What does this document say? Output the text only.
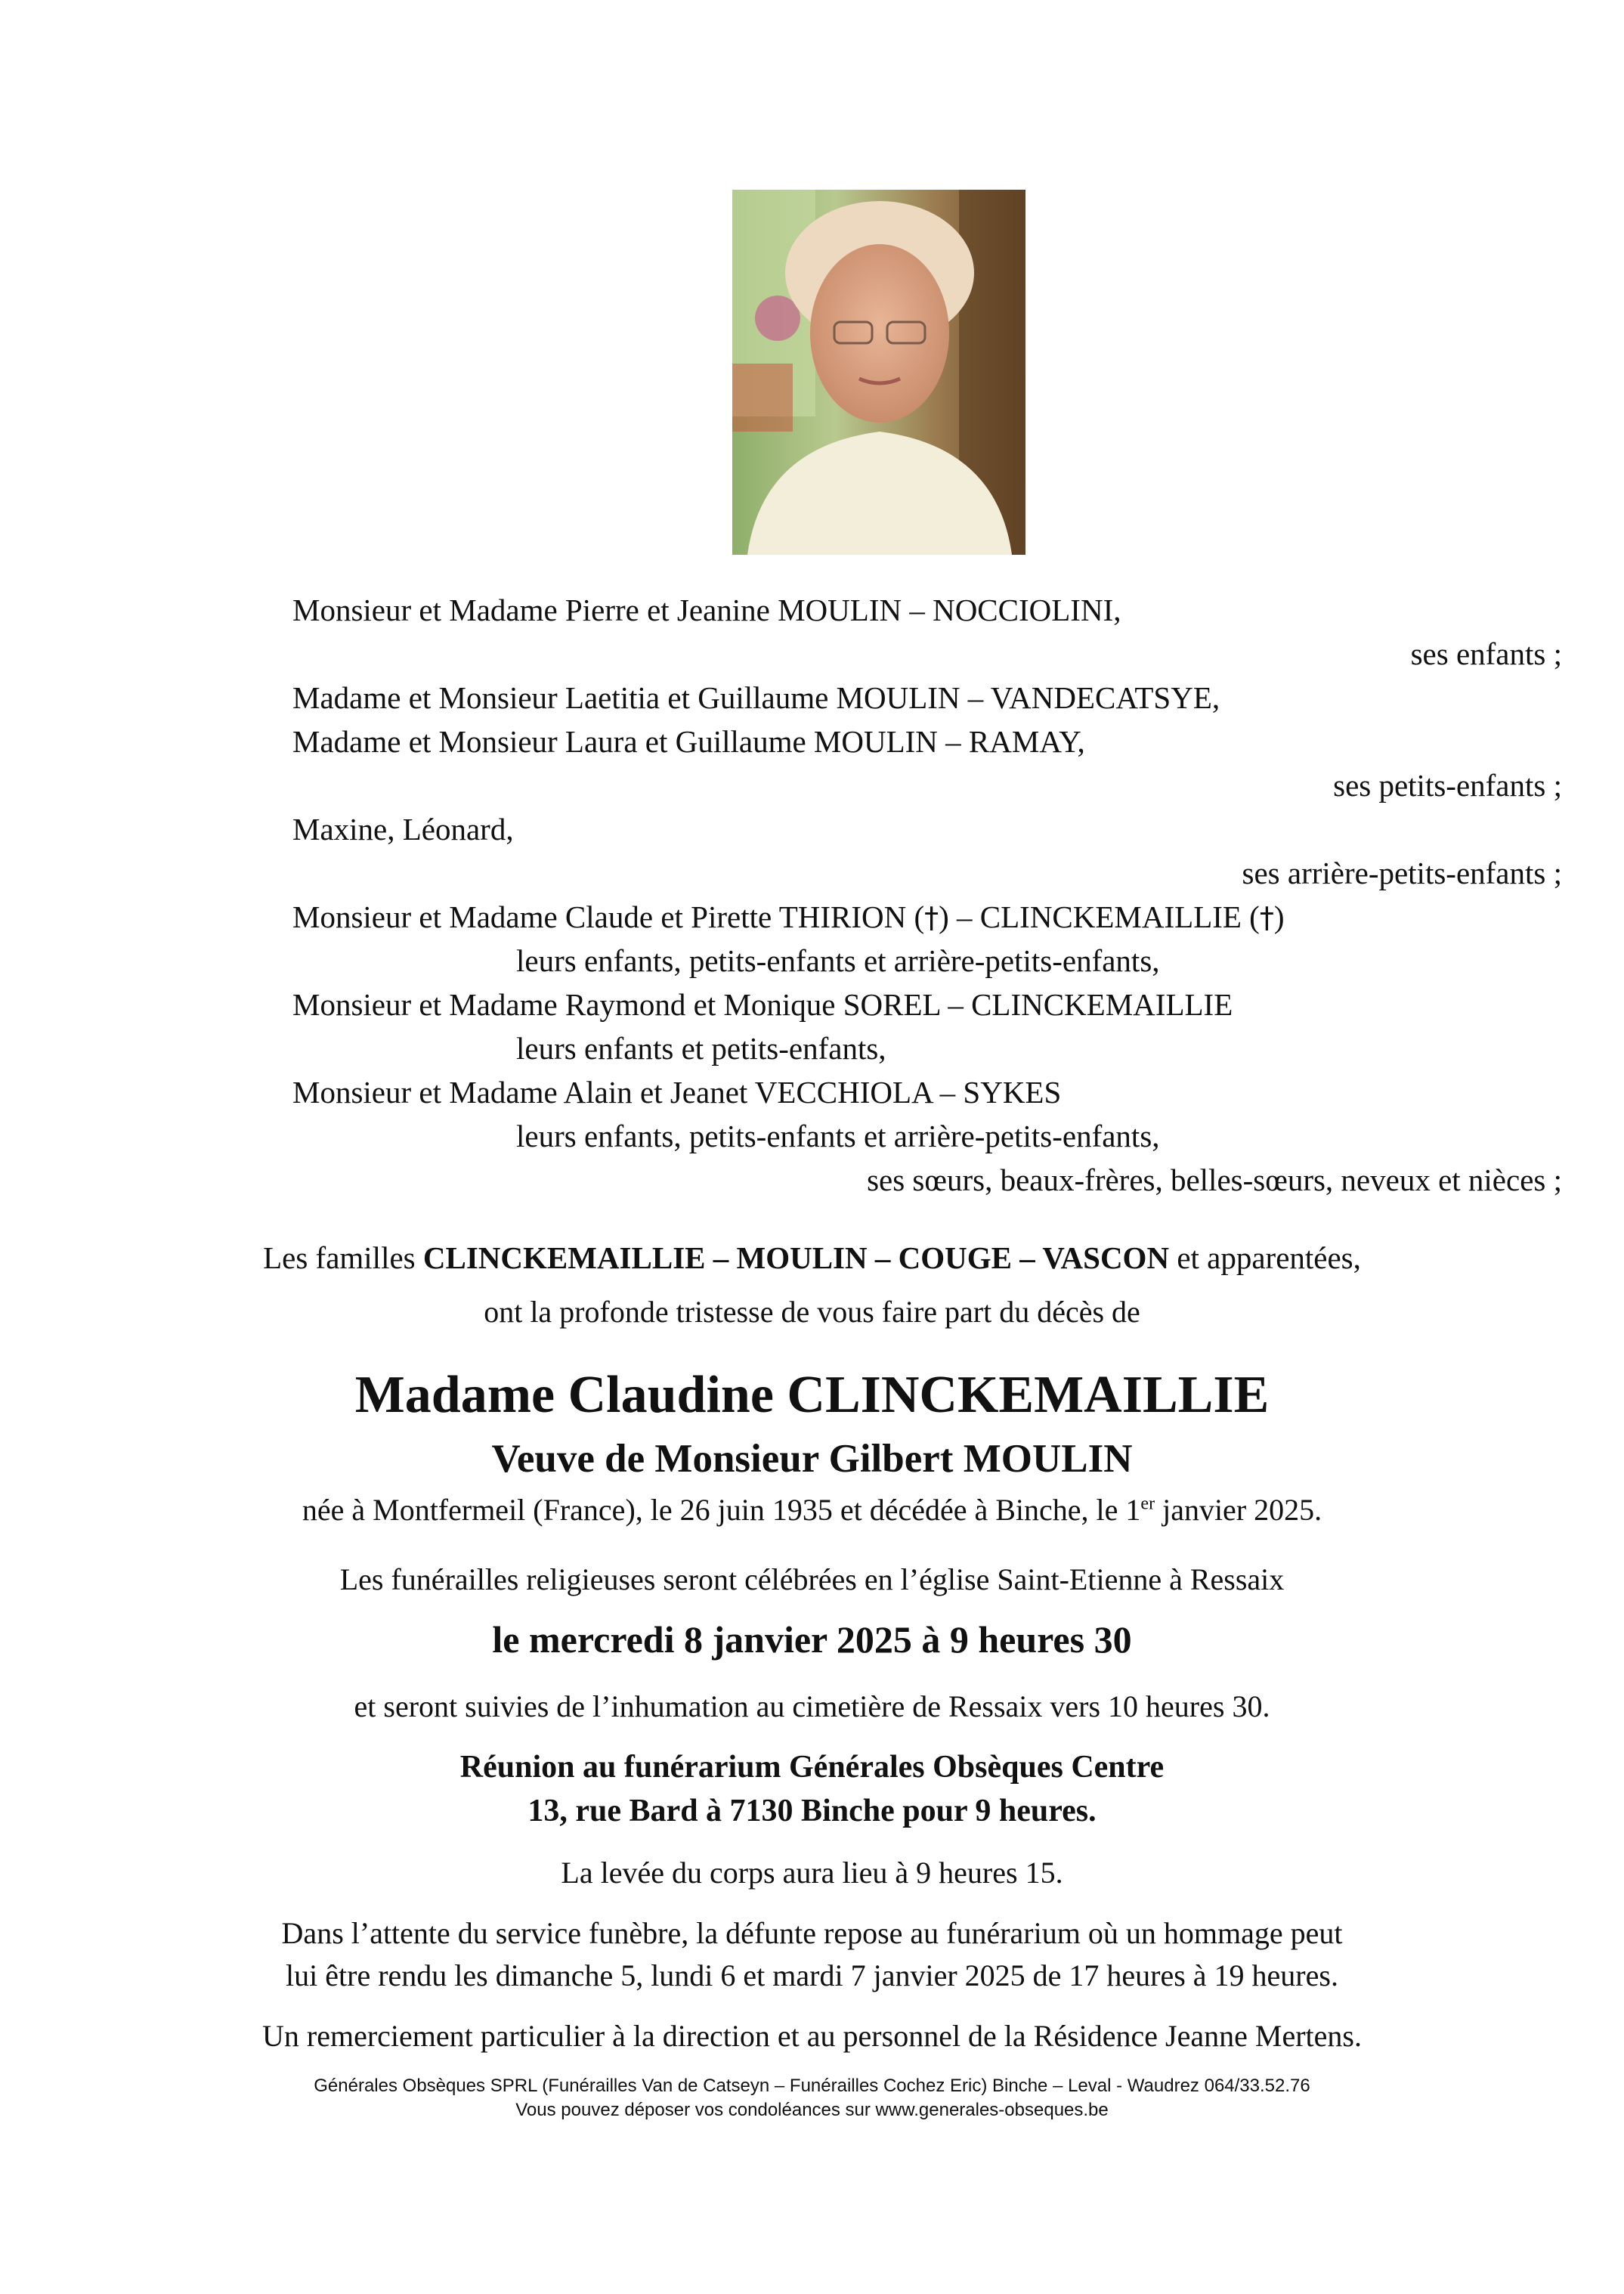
Monsieur et Madame Pierre et Jeanine MOULIN – NOCCIOLINI,
ses enfants ;
Madame et Monsieur Laetitia et Guillaume MOULIN – VANDECATSYE,
Madame et Monsieur Laura et Guillaume MOULIN – RAMAY,
ses petits-enfants ;
Maxine, Léonard,
ses arrière-petits-enfants ;
Monsieur et Madame Claude et Pirette THIRION (†) – CLINCKEMAILLIE (†)
leurs enfants, petits-enfants et arrière-petits-enfants,
Monsieur et Madame Raymond et Monique SOREL – CLINCKEMAILLIE
leurs enfants et petits-enfants,
Monsieur et Madame Alain et Jeanet VECCHIOLA – SYKES
leurs enfants, petits-enfants et arrière-petits-enfants,
ses sœurs, beaux-frères, belles-sœurs, neveux et nièces ;
Les familles CLINCKEMAILLIE – MOULIN – COUGE – VASCON et apparentées,
ont la profonde tristesse de vous faire part du décès de
Madame Claudine CLINCKEMAILLIE
Veuve de Monsieur Gilbert MOULIN
née à Montfermeil (France), le 26 juin 1935 et décédée à Binche, le 1er janvier 2025.
Les funérailles religieuses seront célébrées en l’église Saint-Etienne à Ressaix
le mercredi 8 janvier 2025 à 9 heures 30
et seront suivies de l’inhumation au cimetière de Ressaix vers 10 heures 30.
Réunion au funérarium Générales Obsèques Centre
13, rue Bard à 7130 Binche pour 9 heures.
La levée du corps aura lieu à 9 heures 15.
Dans l’attente du service funèbre, la défunte repose au funérarium où un hommage peut
lui être rendu les dimanche 5, lundi 6 et mardi 7 janvier 2025 de 17 heures à 19 heures.
Un remerciement particulier à la direction et au personnel de la Résidence Jeanne Mertens.
Générales Obsèques SPRL (Funérailles Van de Catseyn – Funérailles Cochez Eric) Binche – Leval - Waudrez 064/33.52.76
Vous pouvez déposer vos condoléances sur www.generales-obseques.be
